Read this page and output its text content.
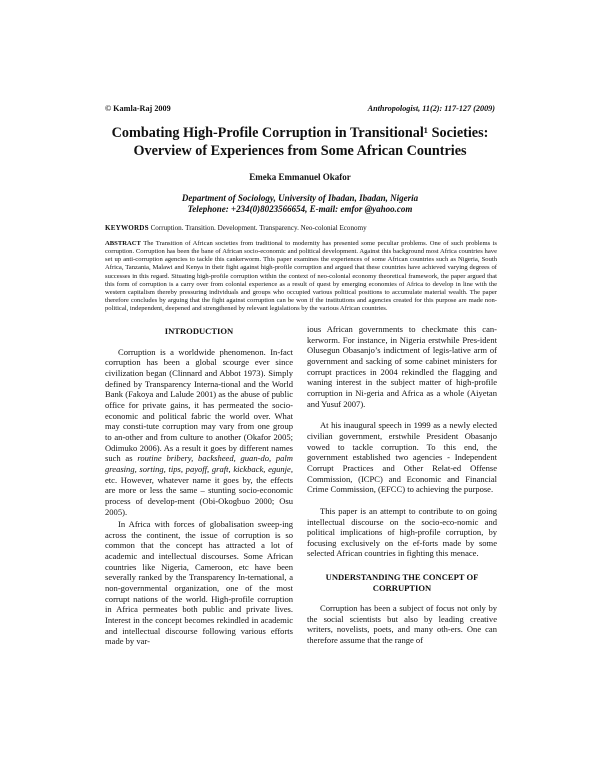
© Kamla-Raj 2009	Anthropologist, 11(2): 117-127 (2009)
Combating High-Profile Corruption in Transitional¹ Societies:
Overview of Experiences from Some African Countries
Emeka Emmanuel Okafor
Department of Sociology, University of Ibadan, Ibadan, Nigeria
Telephone: +234(0)8023566654, E-mail: emfor @yahoo.com
KEYWORDS Corruption. Transition. Development. Transparency. Neo-colonial Economy
ABSTRACT The Transition of African societies from traditional to modernity has presented some peculiar problems. One of such problems is corruption. Corruption has been the bane of African socio-economic and political development. Against this background most Africa countries have set up anti-corruption agencies to tackle this cankerworm. This paper examines the experiences of some African countries such as Nigeria, South Africa, Tanzania, Malawi and Kenya in their fight against high-profile corruption and argued that these countries have achieved varying degrees of successes in this regard. Situating high-profile corruption within the context of neo-colonial economy theoretical framework, the paper argued that this form of corruption is a carry over from colonial experience as a result of quest by emerging economies of Africa to develop in line with the western capitalism thereby pressuring individuals and groups who occupied various political positions to accumulate material wealth. The paper therefore concludes by arguing that the fight against corruption can be won if the institutions and agencies created for this purpose are made non-political, independent, deepened and strengthened by relevant legislations by the various African countries.
INTRODUCTION

Corruption is a worldwide phenomenon. In-fact corruption has been a global scourge ever since civilization began (Clinnard and Abbot 1973). Simply defined by Transparency Interna-tional and the World Bank (Fakoya and Lalude 2001) as the abuse of public office for private gains, it has permeated the socio-economic and political fabric the world over. What may consti-tute corruption may vary from one group to an-other and from culture to another (Okafor 2005; Odimuko 2006). As a result it goes by different names such as routine bribery, backsheed, guan-do, palm greasing, sorting, tips, payoff, graft, kickback, egunje, etc. However, whatever name it goes by, the effects are more or less the same – stunting socio-economic process of develop-ment (Obi-Okogbuo 2000; Osu 2005).

In Africa with forces of globalisation sweep-ing across the continent, the issue of corruption is so common that the concept has attracted a lot of academic and intellectual discourses. Some African countries like Nigeria, Cameroon, etc have been severally ranked by the Transparency In-ternational, a non-governmental organization, one of the most corrupt nations of the world. High-profile corruption in Africa permeates both public and private lives. Interest in the concept becomes rekindled in academic and intellectual discourse following various efforts made by var-

ious African governments to checkmate this can-kerworm. For instance, in Nigeria erstwhile Pres-ident Olusegun Obasanjo’s indictment of legis-lative arm of government and sacking of some cabinet ministers for corrupt practices in 2004 rekindled the flagging and waning interest in the subject matter of high-profile corruption in Ni-geria and Africa as a whole (Aiyetan and Yusuf 2007).

At his inaugural speech in 1999 as a newly elected civilian government, erstwhile President Obasanjo vowed to tackle corruption. To this end, the government established two agencies - Independent Corrupt Practices and Other Relat-ed Offense Commission, (ICPC) and Economic and Financial Crime Commission, (EFCC) to achieving the purpose.

This paper is an attempt to contribute to on going intellectual discourse on the socio-eco-nomic and political implications of high-profile corruption, by focusing exclusively on the ef-forts made by some selected African countries in fighting this menace.

UNDERSTANDING THE CONCEPT OF
CORRUPTION

Corruption has been a subject of focus not only by the social scientists but also by leading creative writers, novelists, poets, and many oth-ers. One can therefore assume that the range of
